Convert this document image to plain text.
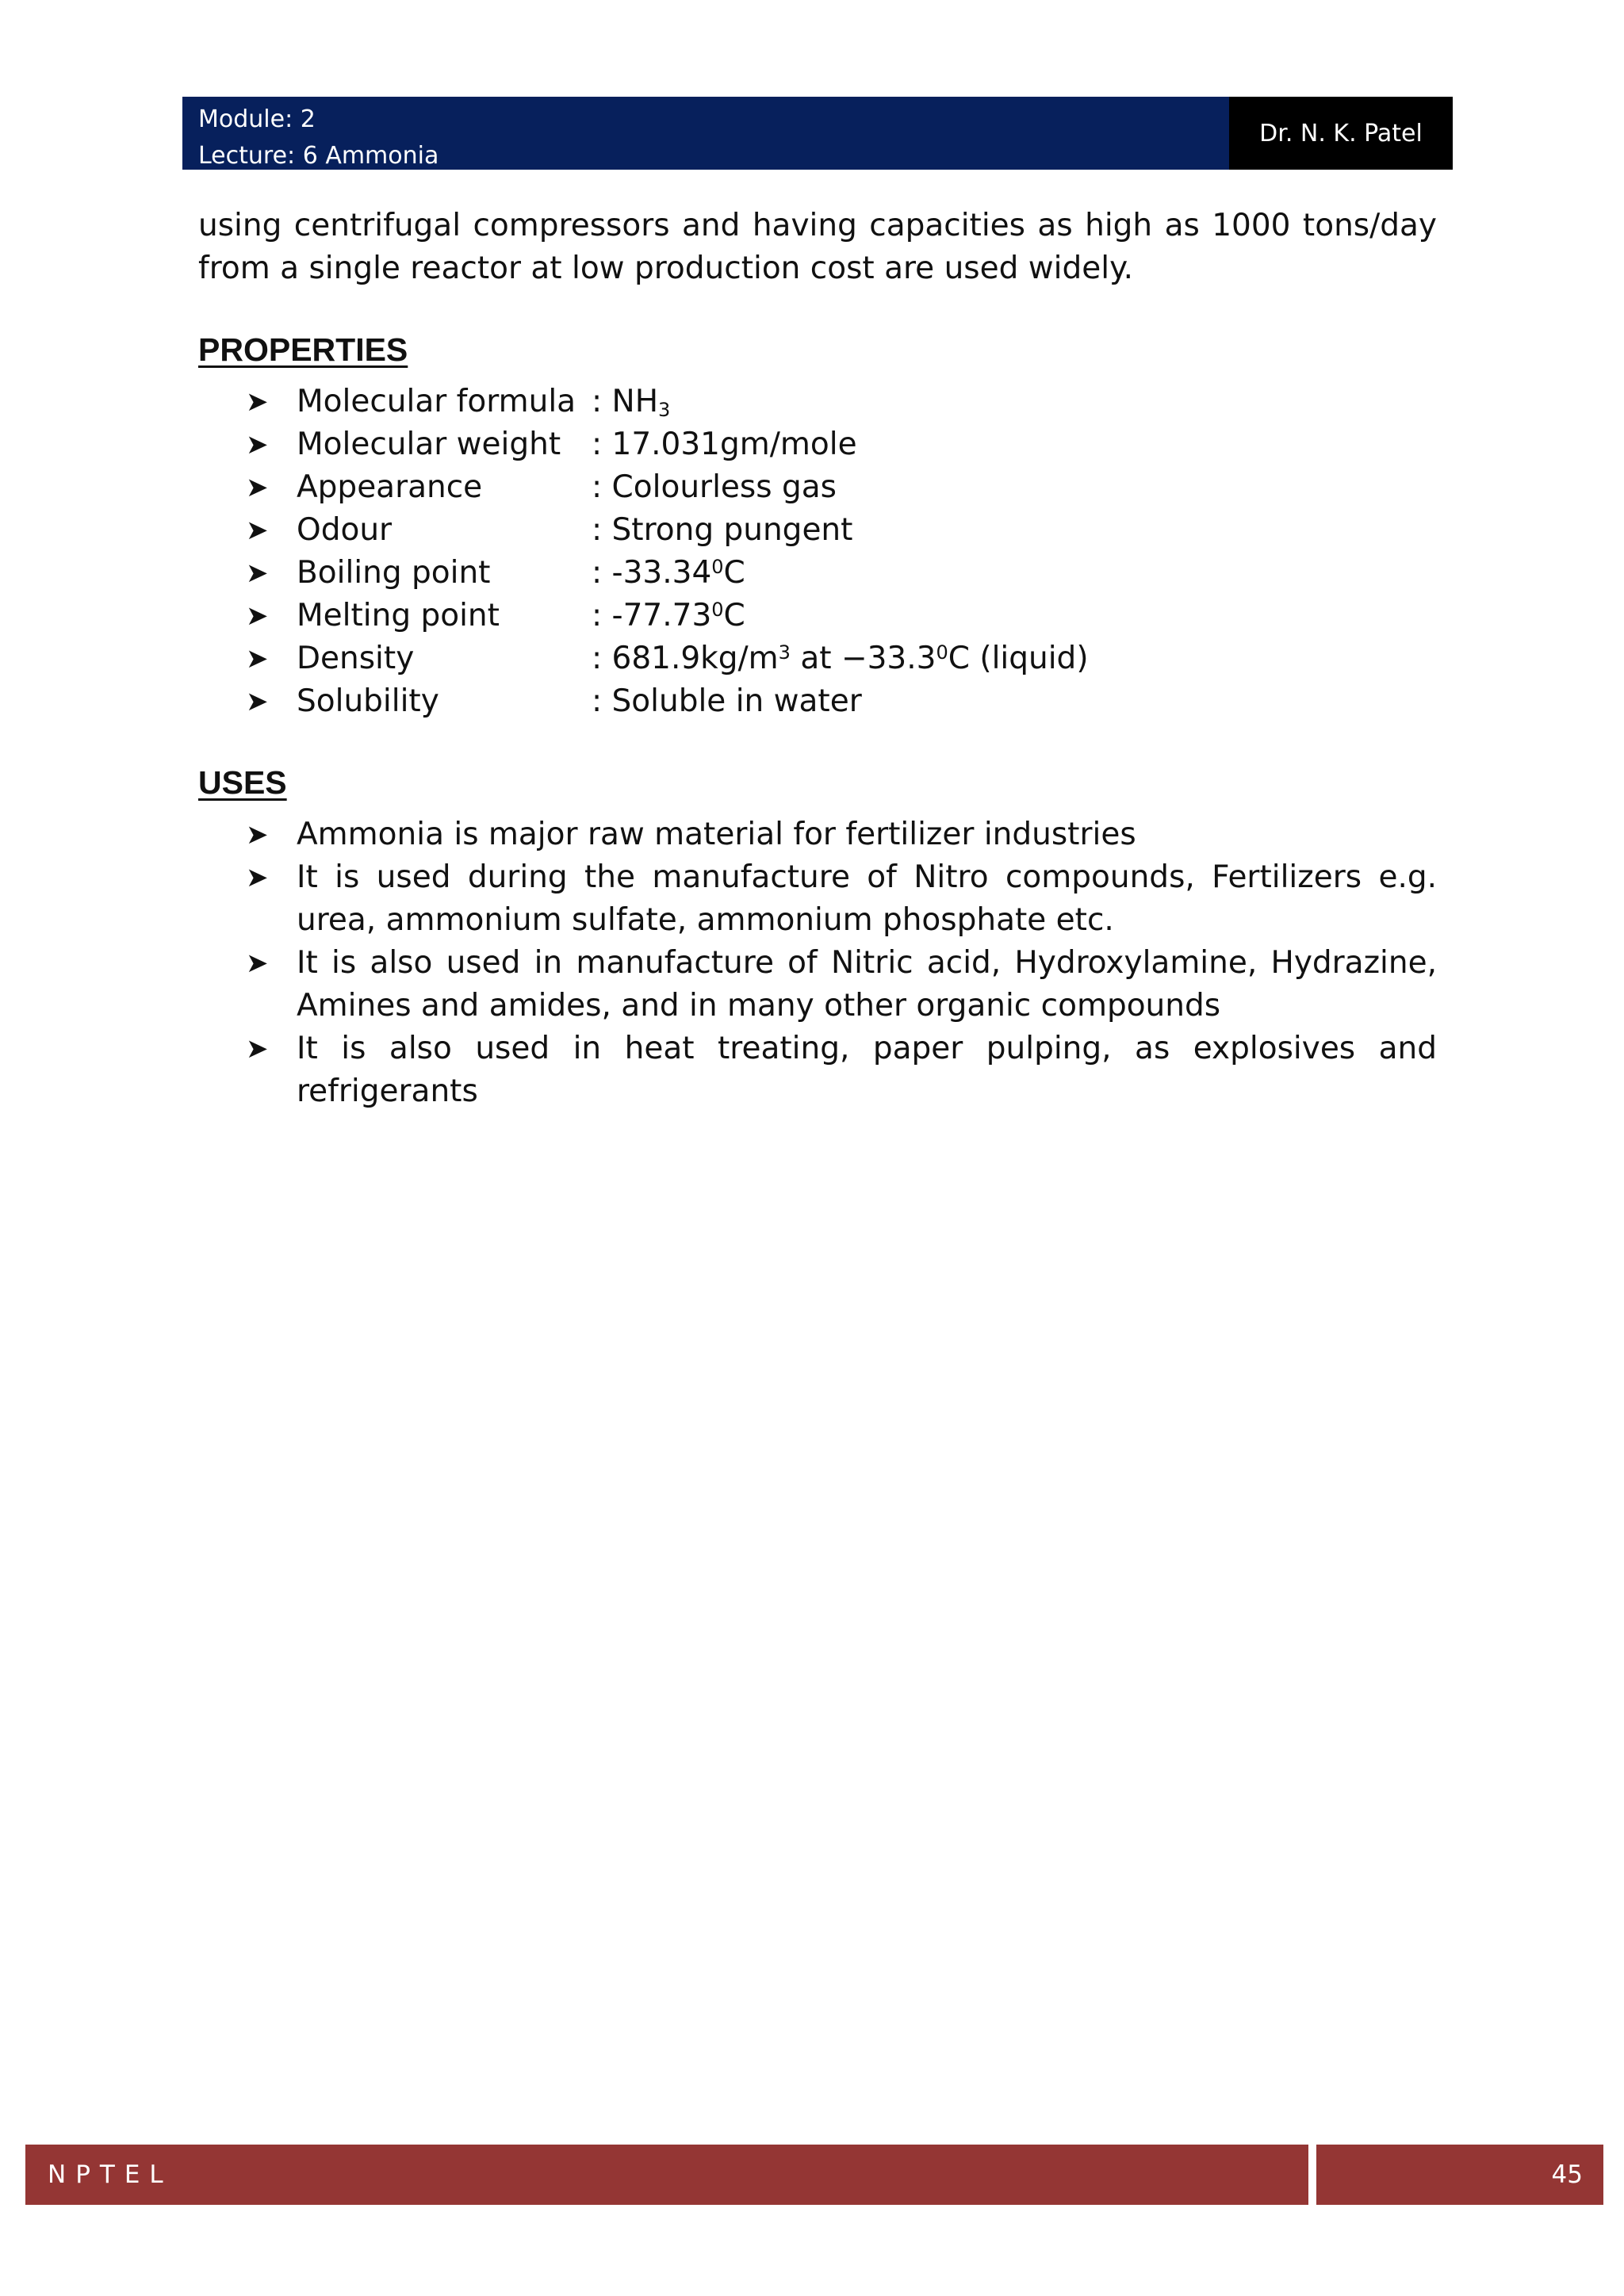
Module: 2
Lecture: 6 Ammonia
Dr. N. K. Patel

using centrifugal compressors and having capacities as high as 1000 tons/day from a single reactor at low production cost are used widely.

PROPERTIES

➤ Molecular formula : $NH_3$
➤ Molecular weight : 17.031gm/mole
➤ Appearance	: Colourless gas
➤ Odour	: Strong pungent
➤ Boiling point	: -33.34$^0$C
➤ Melting point	: -77.73$^0$C
➤ Density	: $681.9kg/m^3$ at $-33.3^0C$ (liquid)
➤ Solubility	: Soluble in water

USES

➤ Ammonia is major raw material for fertilizer industries
➤ It is used during the manufacture of Nitro compounds, Fertilizers e.g. urea, ammonium sulfate, ammonium phosphate etc.
➤ It is also used in manufacture of Nitric acid, Hydroxylamine, Hydrazine, Amines and amides, and in many other organic compounds
➤ It is also used in heat treating, paper pulping, as explosives and refrigerants
NPTEL	45
